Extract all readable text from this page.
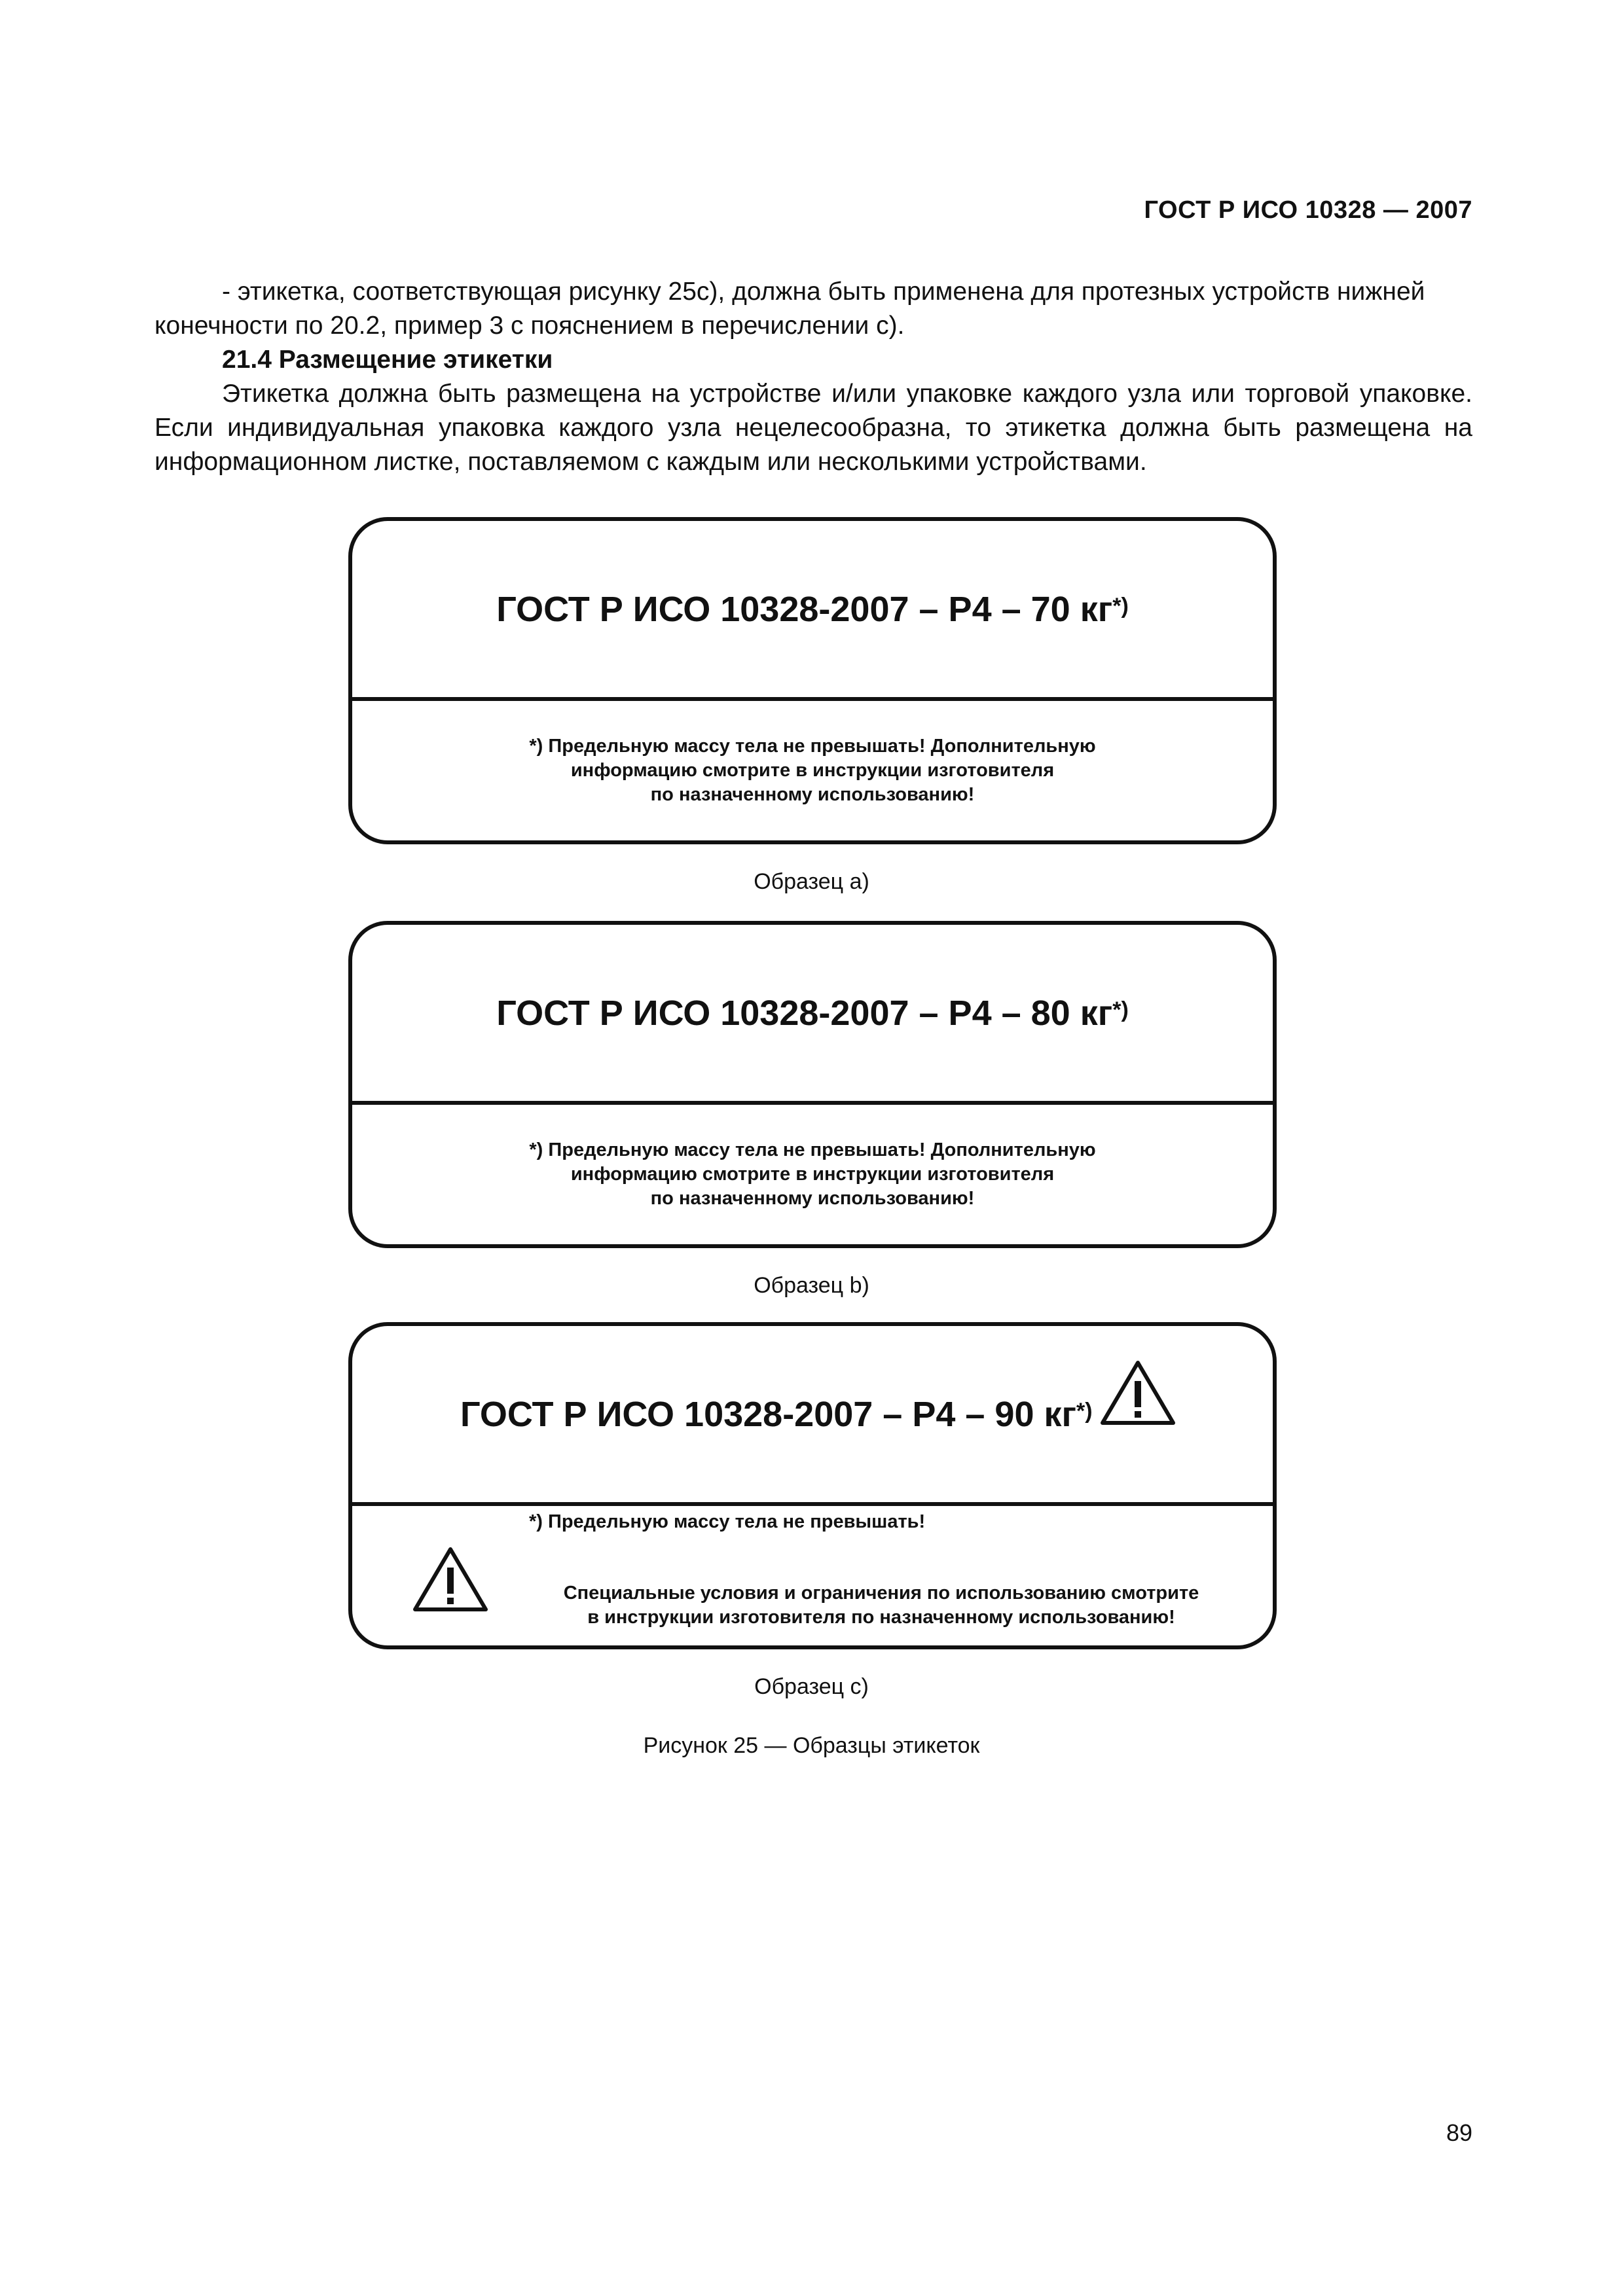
ГОСТ Р ИСО 10328 — 2007
- этикетка, соответствующая рисунку 25с), должна быть применена для протезных устройств нижней
конечности по 20.2, пример 3 с пояснением в перечислении с).
21.4 Размещение этикетки
Этикетка должна быть размещена на устройстве и/или упаковке каждого узла или торговой упаковке. Если индивидуальная упаковка каждого узла нецелесообразна, то этикетка должна быть размещена на информационном листке, поставляемом с каждым или несколькими устройствами.
ГОСТ Р ИСО 10328-2007 – P4 – 70 кг*)
*) Предельную массу тела не превышать! Дополнительную
информацию смотрите в инструкции изготовителя
по назначенному использованию!
Образец а)
ГОСТ Р ИСО 10328-2007 – P4 – 80 кг*)
*) Предельную массу тела не превышать! Дополнительную
информацию смотрите в инструкции изготовителя
по назначенному использованию!
Образец b)
ГОСТ Р ИСО 10328-2007 – P4 – 90 кг*)
*) Предельную массу тела не превышать!
Специальные условия и ограничения по использованию смотрите
в инструкции изготовителя по назначенному использованию!
Образец c)
Рисунок 25 — Образцы этикеток
89
